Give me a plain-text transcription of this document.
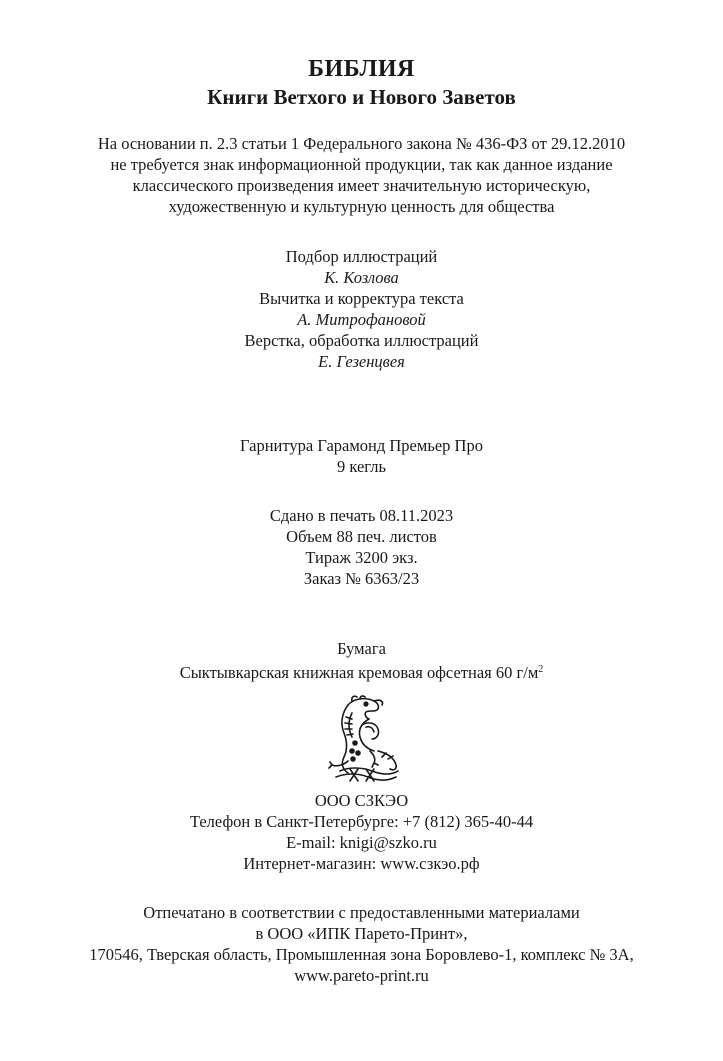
БИБЛИЯ
Книги Ветхого и Нового Заветов
На основании п. 2.3 статьи 1 Федерального закона № 436-ФЗ от 29.12.2010
не требуется знак информационной продукции, так как данное издание
классического произведения имеет значительную историческую,
художественную и культурную ценность для общества
Подбор иллюстраций
К. Козлова
Вычитка и корректура текста
А. Митрофановой
Верстка, обработка иллюстраций
Е. Гезенцвея
Гарнитура Гарамонд Премьер Про
9 кегль
Сдано в печать 08.11.2023
Объем 88 печ. листов
Тираж 3200 экз.
Заказ № 6363/23
Бумага
Сыктывкарская книжная кремовая офсетная 60 $г/м^2$
ООО СЗКЭО
Телефон в Санкт-Петербурге: +7 (812) 365-40-44
E-mail: knigi@szko.ru
Интернет-магазин: www.сзкэо.рф
Отпечатано в соответствии с предоставленными материалами
в ООО «ИПК Парето-Принт»,
170546, Тверская область, Промышленная зона Боровлево-1, комплекс № 3А,
www.pareto-print.ru
